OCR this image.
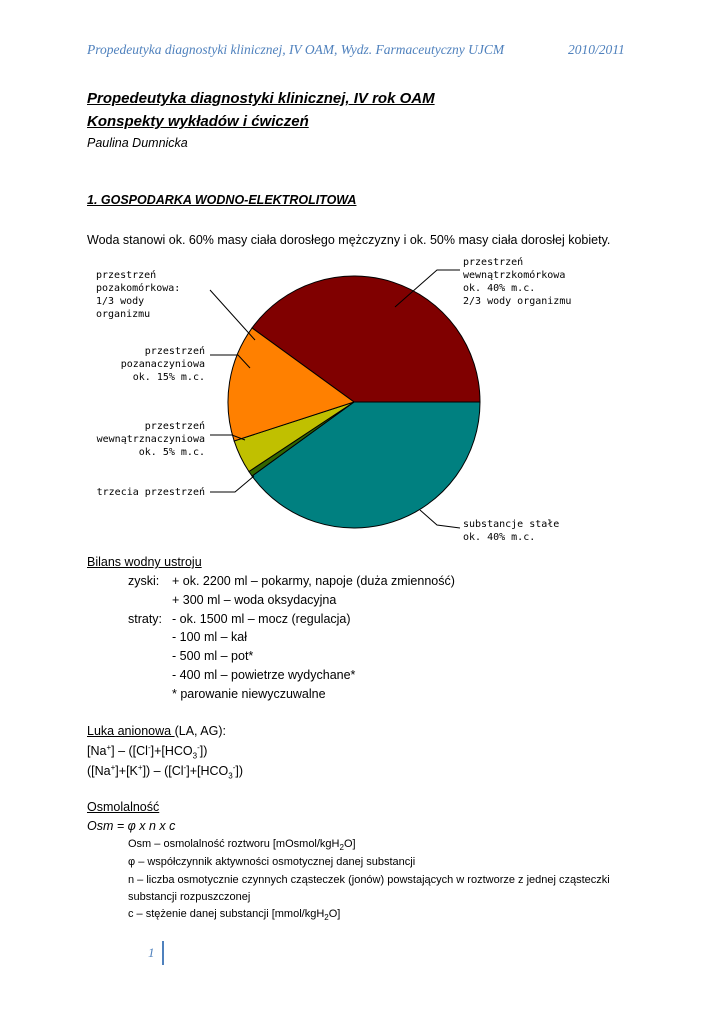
Propedeutyka diagnostyki klinicznej, IV OAM, Wydz. Farmaceutyczny UJCM	2010/2011
Propedeutyka diagnostyki klinicznej, IV rok OAM
Konspekty wykładów i ćwiczeń
Paulina Dumnicka
1. GOSPODARKA WODNO-ELEKTROLITOWA
Woda stanowi ok. 60% masy ciała dorosłego mężczyzny i ok. 50% masy ciała dorosłej kobiety.
przestrzeń
pozakomórkowa:
1/3 wody
organizmu
przestrzeń
wewnątrzkomórkowa
ok. 40% m.c.
2/3 wody organizmu
przestrzeń
pozanaczyniowa
ok. 15% m.c.
przestrzeń
wewnątrznaczyniowa
ok. 5% m.c.
trzecia przestrzeń
substancje stałe
ok. 40% m.c.
Bilans wodny ustroju
zyski: + ok. 2200 ml – pokarmy, napoje (duża zmienność)
+ 300 ml – woda oksydacyjna
straty: - ok. 1500 ml – mocz (regulacja)
- 100 ml – kał
- 500 ml – pot*
- 400 ml – powietrze wydychane*
* parowanie niewyczuwalne
Luka anionowa (LA, AG):
$[Na^+] - ([Cl^-]+[HCO_3^-])$
$([Na^+]+[K^+]) - ([Cl^-]+[HCO_3^-])$
Osmolalność
Osm = φ x n x c
Osm – osmolalność roztworu [mOsmol/kgH$_2$O]
φ – współczynnik aktywności osmotycznej danej substancji
n – liczba osmotycznie czynnych cząsteczek (jonów) powstających w roztworze z jednej cząsteczki
substancji rozpuszczonej
c – stężenie danej substancji [mmol/kgH$_2$O]
1
